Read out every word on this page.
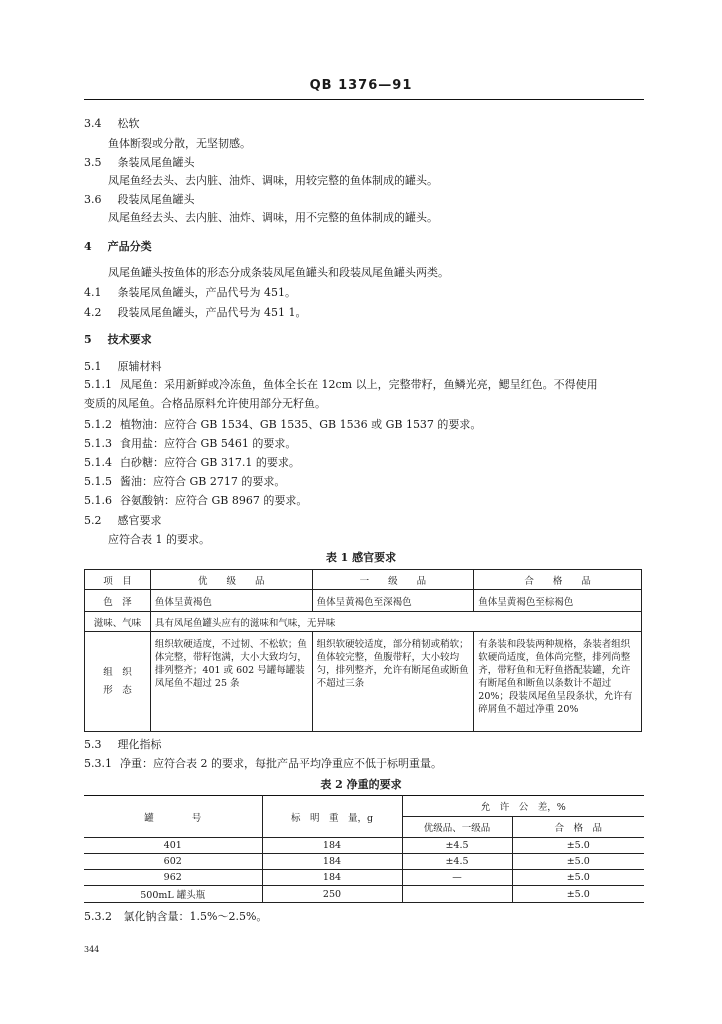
QB 1376—91
3.4 松软
鱼体断裂或分散，无坚韧感。
3.5 条装凤尾鱼罐头
凤尾鱼经去头、去内脏、油炸、调味，用较完整的鱼体制成的罐头。
3.6 段装凤尾鱼罐头
凤尾鱼经去头、去内脏、油炸、调味，用不完整的鱼体制成的罐头。
4 产品分类
凤尾鱼罐头按鱼体的形态分成条装凤尾鱼罐头和段装凤尾鱼罐头两类。
4.1 条装尾凤鱼罐头，产品代号为 451。
4.2 段装凤尾鱼罐头，产品代号为 451 1。
5 技术要求
5.1 原辅材料
5.1.1 凤尾鱼：采用新鲜或冷冻鱼，鱼体全长在 12cm 以上，完整带籽，鱼鳞光亮，鳃呈红色。不得使用
变质的凤尾鱼。合格品原料允许使用部分无籽鱼。
5.1.2 植物油：应符合 GB 1534、GB 1535、GB 1536 或 GB 1537 的要求。
5.1.3 食用盐：应符合 GB 5461 的要求。
5.1.4 白砂糖：应符合 GB 317.1 的要求。
5.1.5 酱油：应符合 GB 2717 的要求。
5.1.6 谷氨酸钠：应符合 GB 8967 的要求。
5.2 感官要求
应符合表 1 的要求。
表 1 感官要求
项　目	优　　级　　品	一　　级　　品	合　　格　　品
色　泽	鱼体呈黄褐色	鱼体呈黄褐色至深褐色	鱼体呈黄褐色至棕褐色
滋味、气味	具有凤尾鱼罐头应有的滋味和气味，无异味		
组　织
形　态	组织软硬适度，不过韧、不松软；鱼体完整，带籽饱满，大小大致均匀，排列整齐；401 或 602 号罐每罐装凤尾鱼不超过 25 条	组织软硬较适度，部分稍韧或稍软；鱼体较完整，鱼腹带籽，大小较均匀，排列整齐，允许有断尾鱼或断鱼不超过三条	有条装和段装两种规格，条装者组织软硬尚适度，鱼体尚完整，排列尚整齐，带籽鱼和无籽鱼搭配装罐，允许有断尾鱼和断鱼以条数计不超过 20%；段装凤尾鱼呈段条状，允许有碎屑鱼不超过净重 20%
5.3 理化指标
5.3.1 净重：应符合表 2 的要求，每批产品平均净重应不低于标明重量。
表 2 净重的要求
罐　　　　号	标　明　重　量，g	允　许　公　差，%	
		优级品、一级品	合　格　品
401	184	±4.5	±5.0
602	184	±4.5	±5.0
962	184	—	±5.0
500mL 罐头瓶	250		±5.0
5.3.2 氯化钠含量：1.5%～2.5%。
344
